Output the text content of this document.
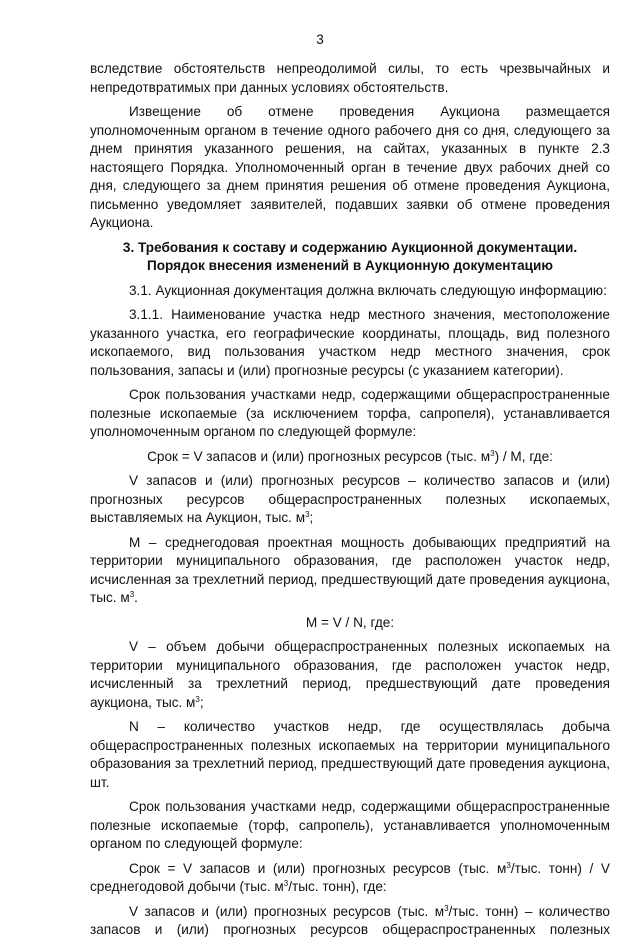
3

вследствие обстоятельств непреодолимой силы, то есть чрезвычайных и непредотвратимых при данных условиях обстоятельств.

Извещение об отмене проведения Аукциона размещается уполномоченным органом в течение одного рабочего дня со дня, следующего за днем принятия указанного решения, на сайтах, указанных в пункте 2.3 настоящего Порядка. Уполномоченный орган в течение двух рабочих дней со дня, следующего за днем принятия решения об отмене проведения Аукциона, письменно уведомляет заявителей, подавших заявки об отмене проведения Аукциона.

3. Требования к составу и содержанию Аукционной документации.
Порядок внесения изменений в Аукционную документацию

3.1. Аукционная документация должна включать следующую информацию:

3.1.1. Наименование участка недр местного значения, местоположение указанного участка, его географические координаты, площадь, вид полезного ископаемого, вид пользования участком недр местного значения, срок пользования, запасы и (или) прогнозные ресурсы (с указанием категории).

Срок пользования участками недр, содержащими общераспространенные полезные ископаемые (за исключением торфа, сапропеля), устанавливается уполномоченным органом по следующей формуле:

Срок = V запасов и (или) прогнозных ресурсов (тыс. $м^3$) / M, где:

V запасов и (или) прогнозных ресурсов – количество запасов и (или) прогнозных ресурсов общераспространенных полезных ископаемых, выставляемых на Аукцион, тыс. $м^3$;

M – среднегодовая проектная мощность добывающих предприятий на территории муниципального образования, где расположен участок недр, исчисленная за трехлетний период, предшествующий дате проведения аукциона, тыс. $м^3$.

M = V / N, где:

V – объем добычи общераспространенных полезных ископаемых на территории муниципального образования, где расположен участок недр, исчисленный за трехлетний период, предшествующий дате проведения аукциона, тыс. $м^3$;

N – количество участков недр, где осуществлялась добыча общераспространенных полезных ископаемых на территории муниципального образования за трехлетний период, предшествующий дате проведения аукциона, шт.

Срок пользования участками недр, содержащими общераспространенные полезные ископаемые (торф, сапропель), устанавливается уполномоченным органом по следующей формуле:

Срок = V запасов и (или) прогнозных ресурсов (тыс. $м^3$/тыс. тонн) / V среднегодовой добычи (тыс. $м^3$/тыс. тонн), где:

V запасов и (или) прогнозных ресурсов (тыс. $м^3$/тыс. тонн) – количество запасов и (или) прогнозных ресурсов общераспространенных полезных
